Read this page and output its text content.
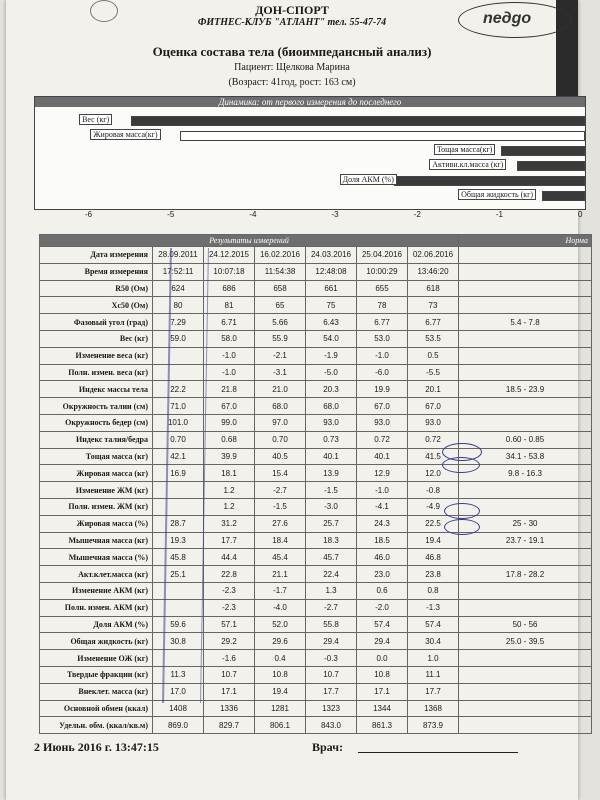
neдgo
ДОН-СПОРТ
ФИТНЕС-КЛУБ "АТЛАНТ" тел. 55-47-74
Оценка состава тела (биоимпедансный анализ)
Пациент: Щелкова Марина
(Возраст: 41год, рост: 163 см)
Динамика: от первого измерения до последнего
Вес (кг)
Жировая масса(кг)
Тощая масса(кг)
Активн.кл.масса (кг)
Доля АКМ (%)
Общая жидкость (кг)
-6	-5	-4	-3	-2	-1	0
Результаты измерений							Норма
Дата измерения	28.09.2011	24.12.2015	16.02.2016	24.03.2016	25.04.2016	02.06.2016	
Время измерения	17:52:11	10:07:18	11:54:38	12:48:08	10:00:29	13:46:20	
R50 (Ом)	624	686	658	661	655	618	
Xc50 (Ом)	80	81	65	75	78	73	
Фазовый угол (град)	7.29	6.71	5.66	6.43	6.77	6.77	5.4 - 7.8
Вес (кг)	59.0	58.0	55.9	54.0	53.0	53.5	
Изменение веса (кг)		-1.0	-2.1	-1.9	-1.0	0.5	
Полн. измен. веса (кг)		-1.0	-3.1	-5.0	-6.0	-5.5	
Индекс массы тела	22.2	21.8	21.0	20.3	19.9	20.1	18.5 - 23.9
Окружность талии (см)	71.0	67.0	68.0	68.0	67.0	67.0	
Окружность бедер (см)	101.0	99.0	97.0	93.0	93.0	93.0	
Индекс талия/бедра	0.70	0.68	0.70	0.73	0.72	0.72	0.60 - 0.85
Тощая масса (кг)	42.1	39.9	40.5	40.1	40.1	41.5	34.1 - 53.8
Жировая масса (кг)	16.9	18.1	15.4	13.9	12.9	12.0	9.8 - 16.3
Изменение ЖМ (кг)		1.2	-2.7	-1.5	-1.0	-0.8	
Полн. измен. ЖМ (кг)		1.2	-1.5	-3.0	-4.1	-4.9	
Жировая масса (%)	28.7	31.2	27.6	25.7	24.3	22.5	25 - 30
Мышечная масса (кг)	19.3	17.7	18.4	18.3	18.5	19.4	23.7 - 19.1
Мышечная масса (%)	45.8	44.4	45.4	45.7	46.0	46.8	
Акт.клет.масса (кг)	25.1	22.8	21.1	22.4	23.0	23.8	17.8 - 28.2
Изменение АКМ (кг)		-2.3	-1.7	1.3	0.6	0.8	
Полн. измен. АКМ (кг)		-2.3	-4.0	-2.7	-2.0	-1.3	
Доля АКМ (%)	59.6	57.1	52.0	55.8	57.4	57.4	50 - 56
Общая жидкость (кг)	30.8	29.2	29.6	29.4	29.4	30.4	25.0 - 39.5
Изменение ОЖ (кг)		-1.6	0.4	-0.3	0.0	1.0	
Твердые фракции (кг)	11.3	10.7	10.8	10.7	10.8	11.1	
Внеклет. масса (кг)	17.0	17.1	19.4	17.7	17.1	17.7	
Основной обмен (ккал)	1408	1336	1281	1323	1344	1368	
Удельн. обм. (ккал/кв.м)	869.0	829.7	806.1	843.0	861.3	873.9	
2 Июнь 2016 г. 13:47:15	Врач:
